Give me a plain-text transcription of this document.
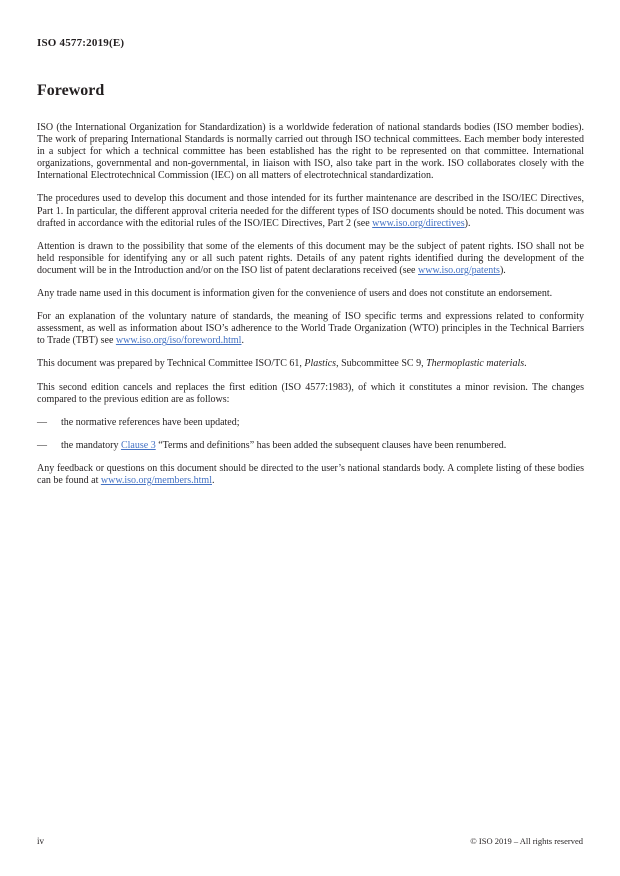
ISO 4577:2019(E)
Foreword
ISO (the International Organization for Standardization) is a worldwide federation of national standards bodies (ISO member bodies). The work of preparing International Standards is normally carried out through ISO technical committees. Each member body interested in a subject for which a technical committee has been established has the right to be represented on that committee. International organizations, governmental and non-governmental, in liaison with ISO, also take part in the work. ISO collaborates closely with the International Electrotechnical Commission (IEC) on all matters of electrotechnical standardization.
The procedures used to develop this document and those intended for its further maintenance are described in the ISO/IEC Directives, Part 1. In particular, the different approval criteria needed for the different types of ISO documents should be noted. This document was drafted in accordance with the editorial rules of the ISO/IEC Directives, Part 2 (see www.iso.org/directives).
Attention is drawn to the possibility that some of the elements of this document may be the subject of patent rights. ISO shall not be held responsible for identifying any or all such patent rights. Details of any patent rights identified during the development of the document will be in the Introduction and/or on the ISO list of patent declarations received (see www.iso.org/patents).
Any trade name used in this document is information given for the convenience of users and does not constitute an endorsement.
For an explanation of the voluntary nature of standards, the meaning of ISO specific terms and expressions related to conformity assessment, as well as information about ISO’s adherence to the World Trade Organization (WTO) principles in the Technical Barriers to Trade (TBT) see www.iso.org/iso/foreword.html.
This document was prepared by Technical Committee ISO/TC 61, Plastics, Subcommittee SC 9, Thermoplastic materials.
This second edition cancels and replaces the first edition (ISO 4577:1983), of which it constitutes a minor revision. The changes compared to the previous edition are as follows:
—	the normative references have been updated;
—	the mandatory Clause 3 “Terms and definitions” has been added the subsequent clauses have been renumbered.
Any feedback or questions on this document should be directed to the user’s national standards body. A complete listing of these bodies can be found at www.iso.org/members.html.
iv	© ISO 2019 – All rights reserved
